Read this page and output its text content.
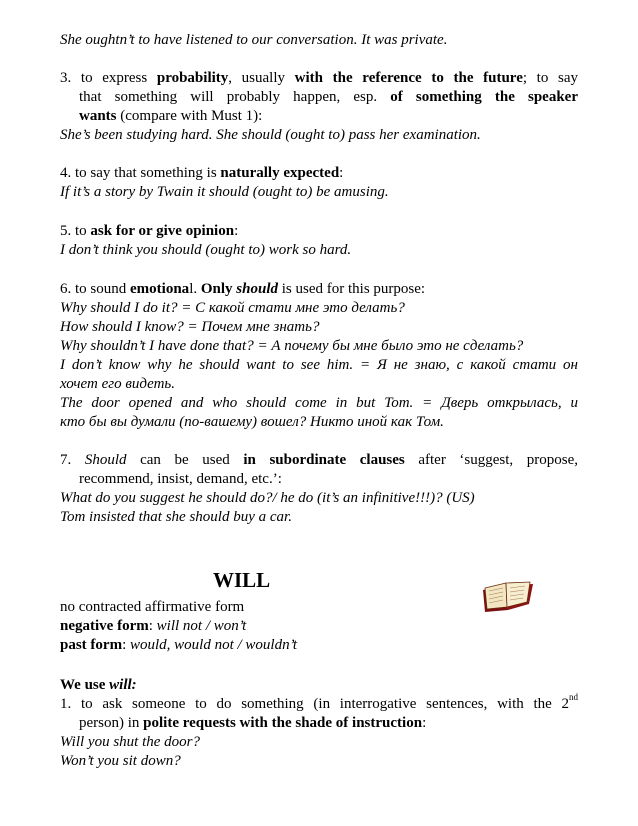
She oughtn’t to have listened to our conversation. It was private.
3. to express probability, usually with the reference to the future; to say
that something will probably happen, esp. of something the speaker
wants (compare with Must 1):
She’s been studying hard. She should (ought to) pass her examination.
4. to say that something is naturally expected:
If it’s a story by Twain it should (ought to) be amusing.
5. to ask for or give opinion:
I don’t think you should (ought to) work so hard.
6. to sound emotional. Only should is used for this purpose:
Why should I do it? = С какой стати мне это делать?
How should I know? = Почем мне знать?
Why shouldn’t I have done that? = А почему бы мне было это не сделать?
I don’t know why he should want to see him. = Я не знаю, с какой стати он
хочет его видеть.
The door opened and who should come in but Tom. = Дверь открылась, и
кто бы вы думали (по-вашему) вошел? Никто иной как Том.
7. Should can be used in subordinate clauses after ‘suggest, propose,
recommend, insist, demand, etc.’:
What do you suggest he should do?/ he do (it’s an infinitive!!!)? (US)
Tom insisted that she should buy a car.
WILL
no contracted affirmative form
negative form: will not / won’t
past form: would, would not / wouldn’t
We use will:
1. to ask someone to do something (in interrogative sentences, with the 2nd
person) in polite requests with the shade of instruction:
Will you shut the door?
Won’t you sit down?
